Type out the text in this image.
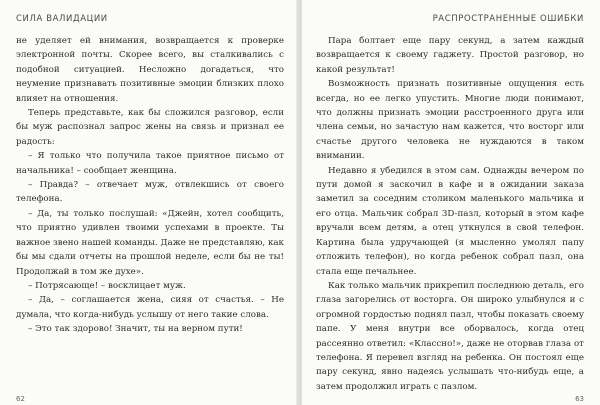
СИЛА ВАЛИДАЦИИ

не уделяет ей внимания, возвращается к проверке электронной почты. Скорее всего, вы сталкивались с подобной ситуацией. Несложно догадаться, что неумение признавать позитивные эмоции близких плохо влияет на отношения.

Теперь представьте, как бы сложился разговор, если бы муж распознал запрос жены на связь и признал ее радость:

– Я только что получила такое приятное письмо от начальника! – сообщает женщина.

– Правда? – отвечает муж, отвлекшись от своего телефона.

– Да, ты только послушай: «Джейн, хотел сообщить, что приятно удивлен твоими успехами в проекте. Ты важное звено нашей команды. Даже не представляю, как бы мы сдали отчеты на прошлой неделе, если бы не ты! Продолжай в том же духе».

– Потрясающе! – восклицает муж.

– Да, – соглашается жена, сияя от счастья. – Не думала, что когда-нибудь услышу от него такие слова.

– Это так здорово! Значит, ты на верном пути!

62
РАСПРОСТРАНЕННЫЕ ОШИБКИ

Пара болтает еще пару секунд, а затем каждый возвращается к своему гаджету. Простой разговор, но какой результат!

Возможность признать позитивные ощущения есть всегда, но ее легко упустить. Многие люди понимают, что должны признать эмоции расстроенного друга или члена семьи, но зачастую нам кажется, что восторг или счастье другого человека не нуждаются в таком внимании.

Недавно я убедился в этом сам. Однажды вечером по пути домой я заскочил в кафе и в ожидании заказа заметил за соседним столиком маленького мальчика и его отца. Мальчик собрал 3D-пазл, который в этом кафе вручали всем детям, а отец уткнулся в свой телефон. Картина была удручающей (я мысленно умолял папу отложить телефон), но когда ребенок собрал пазл, она стала еще печальнее.

Как только мальчик прикрепил последнюю деталь, его глаза загорелись от восторга. Он широко улыбнулся и с огромной гордостью поднял пазл, чтобы показать своему папе. У меня внутри все оборвалось, когда отец рассеянно ответил: «Классно!», даже не оторвав глаза от телефона. Я перевел взгляд на ребенка. Он постоял еще пару секунд, явно надеясь услышать что-нибудь еще, а затем продолжил играть с пазлом.

63
